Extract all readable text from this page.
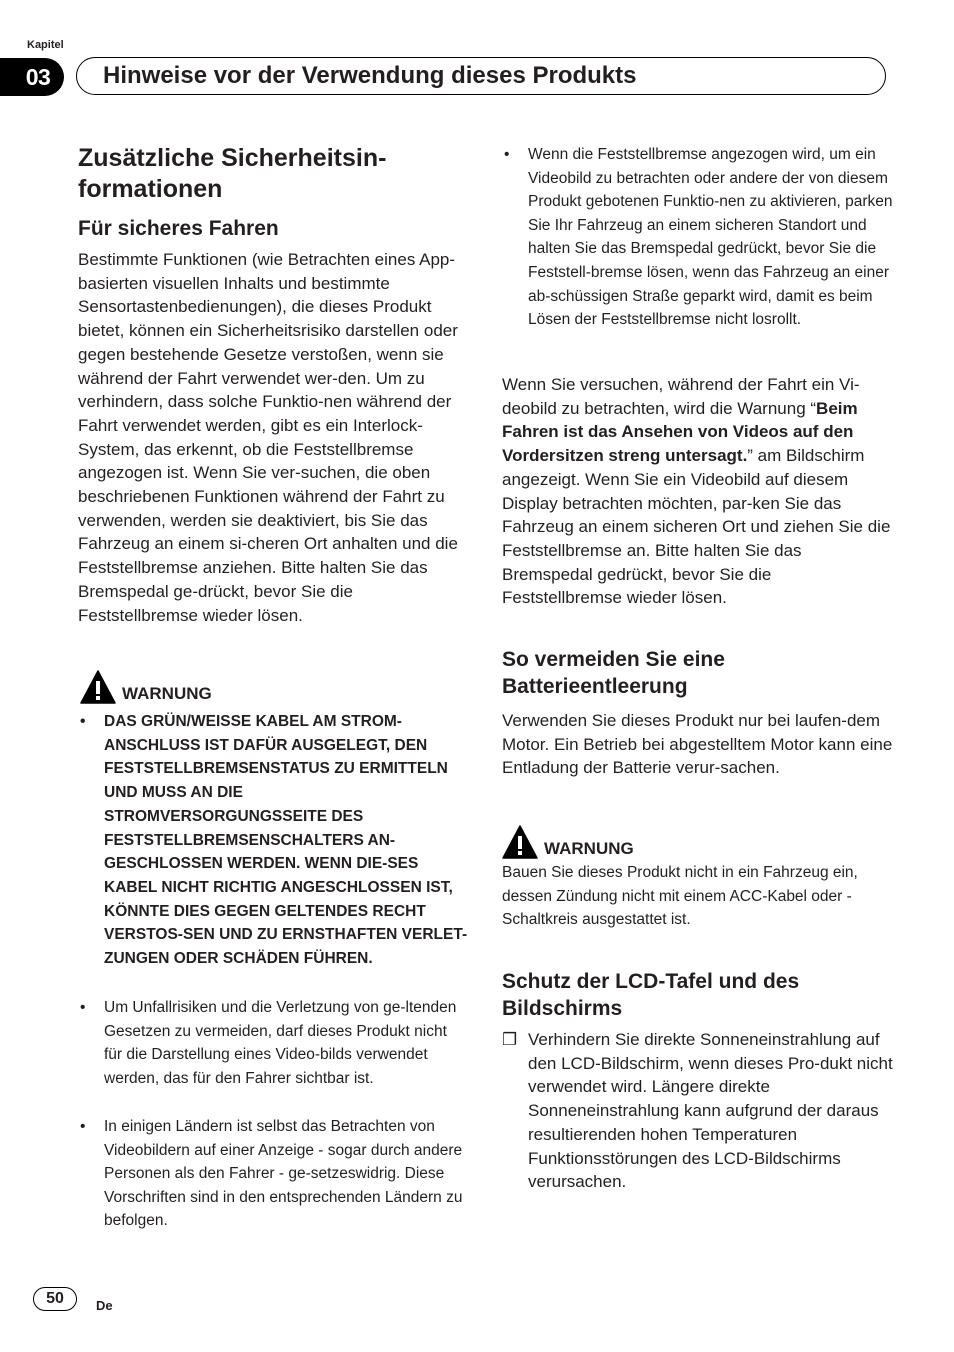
Kapitel
03	Hinweise vor der Verwendung dieses Produkts
Zusätzliche Sicherheitsin-
formationen
Für sicheres Fahren

Bestimmte Funktionen (wie Betrachten eines App-basierten visuellen Inhalts und bestimmte Sensortastenbedienungen), die dieses Produkt bietet, können ein Sicherheitsrisiko darstellen oder gegen bestehende Gesetze verstoßen, wenn sie während der Fahrt verwendet wer-den. Um zu verhindern, dass solche Funktio-nen während der Fahrt verwendet werden, gibt es ein Interlock-System, das erkennt, ob die Feststellbremse angezogen ist. Wenn Sie ver-suchen, die oben beschriebenen Funktionen während der Fahrt zu verwenden, werden sie deaktiviert, bis Sie das Fahrzeug an einem si-cheren Ort anhalten und die Feststellbremse anziehen. Bitte halten Sie das Bremspedal ge-drückt, bevor Sie die Feststellbremse wieder lösen.

WARNUNG
• DAS GRÜN/WEISSE KABEL AM STROM-ANSCHLUSS IST DAFÜR AUSGELEGT, DEN FESTSTELLBREMSENSTATUS ZU ERMITTELN UND MUSS AN DIE STROMVERSORGUNGSSEITE DES FESTSTELLBREMSENSCHALTERS AN-GESCHLOSSEN WERDEN. WENN DIE-SES KABEL NICHT RICHTIG ANGESCHLOSSEN IST, KÖNNTE DIES GEGEN GELTENDES RECHT VERSTOS-SEN UND ZU ERNSTHAFTEN VERLET-ZUNGEN ODER SCHÄDEN FÜHREN.
• Um Unfallrisiken und die Verletzung von ge-ltenden Gesetzen zu vermeiden, darf dieses Produkt nicht für die Darstellung eines Video-bilds verwendet werden, das für den Fahrer sichtbar ist.
• In einigen Ländern ist selbst das Betrachten von Videobildern auf einer Anzeige - sogar durch andere Personen als den Fahrer - ge-setzeswidrig. Diese Vorschriften sind in den entsprechenden Ländern zu befolgen.
• Wenn die Feststellbremse angezogen wird, um ein Videobild zu betrachten oder andere der von diesem Produkt gebotenen Funktio-nen zu aktivieren, parken Sie Ihr Fahrzeug an einem sicheren Standort und halten Sie das Bremspedal gedrückt, bevor Sie die Feststell-bremse lösen, wenn das Fahrzeug an einer ab-schüssigen Straße geparkt wird, damit es beim Lösen der Feststellbremse nicht losrollt.

Wenn Sie versuchen, während der Fahrt ein Vi-deobild zu betrachten, wird die Warnung “Beim Fahren ist das Ansehen von Videos auf den Vordersitzen streng untersagt.” am Bildschirm angezeigt. Wenn Sie ein Videobild auf diesem Display betrachten möchten, par-ken Sie das Fahrzeug an einem sicheren Ort und ziehen Sie die Feststellbremse an. Bitte halten Sie das Bremspedal gedrückt, bevor Sie die Feststellbremse wieder lösen.

So vermeiden Sie eine
Batterieentleerung

Verwenden Sie dieses Produkt nur bei laufen-dem Motor. Ein Betrieb bei abgestelltem Motor kann eine Entladung der Batterie verur-sachen.

WARNUNG

Bauen Sie dieses Produkt nicht in ein Fahrzeug ein, dessen Zündung nicht mit einem ACC-Kabel oder -Schaltkreis ausgestattet ist.

Schutz der LCD-Tafel und des
Bildschirms
❒ Verhindern Sie direkte Sonneneinstrahlung auf den LCD-Bildschirm, wenn dieses Pro-dukt nicht verwendet wird. Längere direkte Sonneneinstrahlung kann aufgrund der daraus resultierenden hohen Temperaturen Funktionsstörungen des LCD-Bildschirms verursachen.
50	De
